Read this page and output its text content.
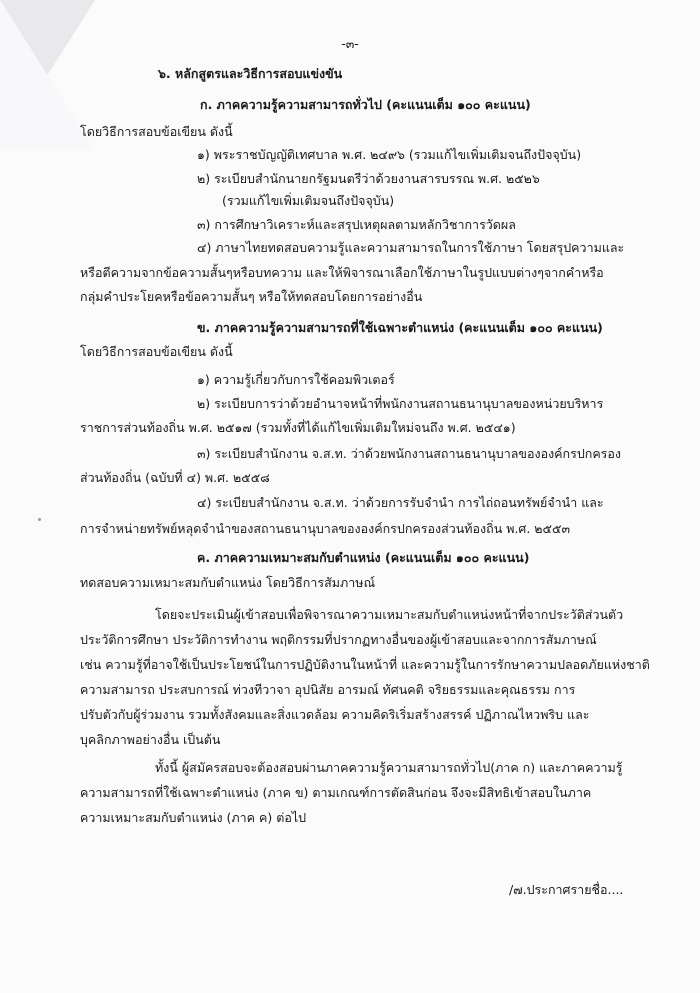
-๓-
๖. หลักสูตรและวิธีการสอบแข่งขัน
ก. ภาคความรู้ความสามารถทั่วไป (คะแนนเต็ม ๑๐๐ คะแนน)
โดยวิธีการสอบข้อเขียน ดังนี้
๑) พระราชบัญญัติเทศบาล พ.ศ. ๒๔๙๖ (รวมแก้ไขเพิ่มเติมจนถึงปัจจุบัน)
๒) ระเบียบสำนักนายกรัฐมนตรีว่าด้วยงานสารบรรณ พ.ศ. ๒๕๒๖
(รวมแก้ไขเพิ่มเติมจนถึงปัจจุบัน)
๓) การศึกษาวิเคราะห์และสรุปเหตุผลตามหลักวิชาการวัดผล
๔) ภาษาไทยทดสอบความรู้และความสามารถในการใช้ภาษา โดยสรุปความและ
หรือตีความจากข้อความสั้นๆหรือบทความ และให้พิจารณาเลือกใช้ภาษาในรูปแบบต่างๆจากคำหรือ
กลุ่มคำประโยคหรือข้อความสั้นๆ หรือให้ทดสอบโดยการอย่างอื่น
ข. ภาคความรู้ความสามารถที่ใช้เฉพาะตำแหน่ง (คะแนนเต็ม ๑๐๐ คะแนน)
โดยวิธีการสอบข้อเขียน ดังนี้
๑) ความรู้เกี่ยวกับการใช้คอมพิวเตอร์
๒) ระเบียบการว่าด้วยอำนาจหน้าที่พนักงานสถานธนานุบาลของหน่วยบริหาร
ราชการส่วนท้องถิ่น พ.ศ. ๒๕๑๗ (รวมทั้งที่ได้แก้ไขเพิ่มเติมใหม่จนถึง พ.ศ. ๒๕๔๑)
๓) ระเบียบสำนักงาน จ.ส.ท. ว่าด้วยพนักงานสถานธนานุบาลขององค์กรปกครอง
ส่วนท้องถิ่น (ฉบับที่ ๔) พ.ศ. ๒๕๕๘
๔) ระเบียบสำนักงาน จ.ส.ท. ว่าด้วยการรับจำนำ การไถ่ถอนทรัพย์จำนำ และ
การจำหน่ายทรัพย์หลุดจำนำของสถานธนานุบาลขององค์กรปกครองส่วนท้องถิ่น พ.ศ. ๒๕๕๓
ค. ภาคความเหมาะสมกับตำแหน่ง (คะแนนเต็ม ๑๐๐ คะแนน)
ทดสอบความเหมาะสมกับตำแหน่ง โดยวิธีการสัมภาษณ์
โดยจะประเมินผู้เข้าสอบเพื่อพิจารณาความเหมาะสมกับตำแหน่งหน้าที่จากประวัติส่วนตัว
ประวัติการศึกษา ประวัติการทำงาน พฤติกรรมที่ปรากฏทางอื่นของผู้เข้าสอบและจากการสัมภาษณ์
เช่น ความรู้ที่อาจใช้เป็นประโยชน์ในการปฏิบัติงานในหน้าที่ และความรู้ในการรักษาความปลอดภัยแห่งชาติ
ความสามารถ ประสบการณ์ ท่วงทีวาจา อุปนิสัย อารมณ์ ทัศนคติ จริยธรรมและคุณธรรม การ
ปรับตัวกับผู้ร่วมงาน รวมทั้งสังคมและสิ่งแวดล้อม ความคิดริเริ่มสร้างสรรค์ ปฏิภาณไหวพริบ และ
บุคลิกภาพอย่างอื่น เป็นต้น
ทั้งนี้ ผู้สมัครสอบจะต้องสอบผ่านภาคความรู้ความสามารถทั่วไป(ภาค ก) และภาคความรู้
ความสามารถที่ใช้เฉพาะตำแหน่ง (ภาค ข) ตามเกณฑ์การตัดสินก่อน จึงจะมีสิทธิเข้าสอบในภาค
ความเหมาะสมกับตำแหน่ง (ภาค ค) ต่อไป
/๗.ประกาศรายชื่อ....
